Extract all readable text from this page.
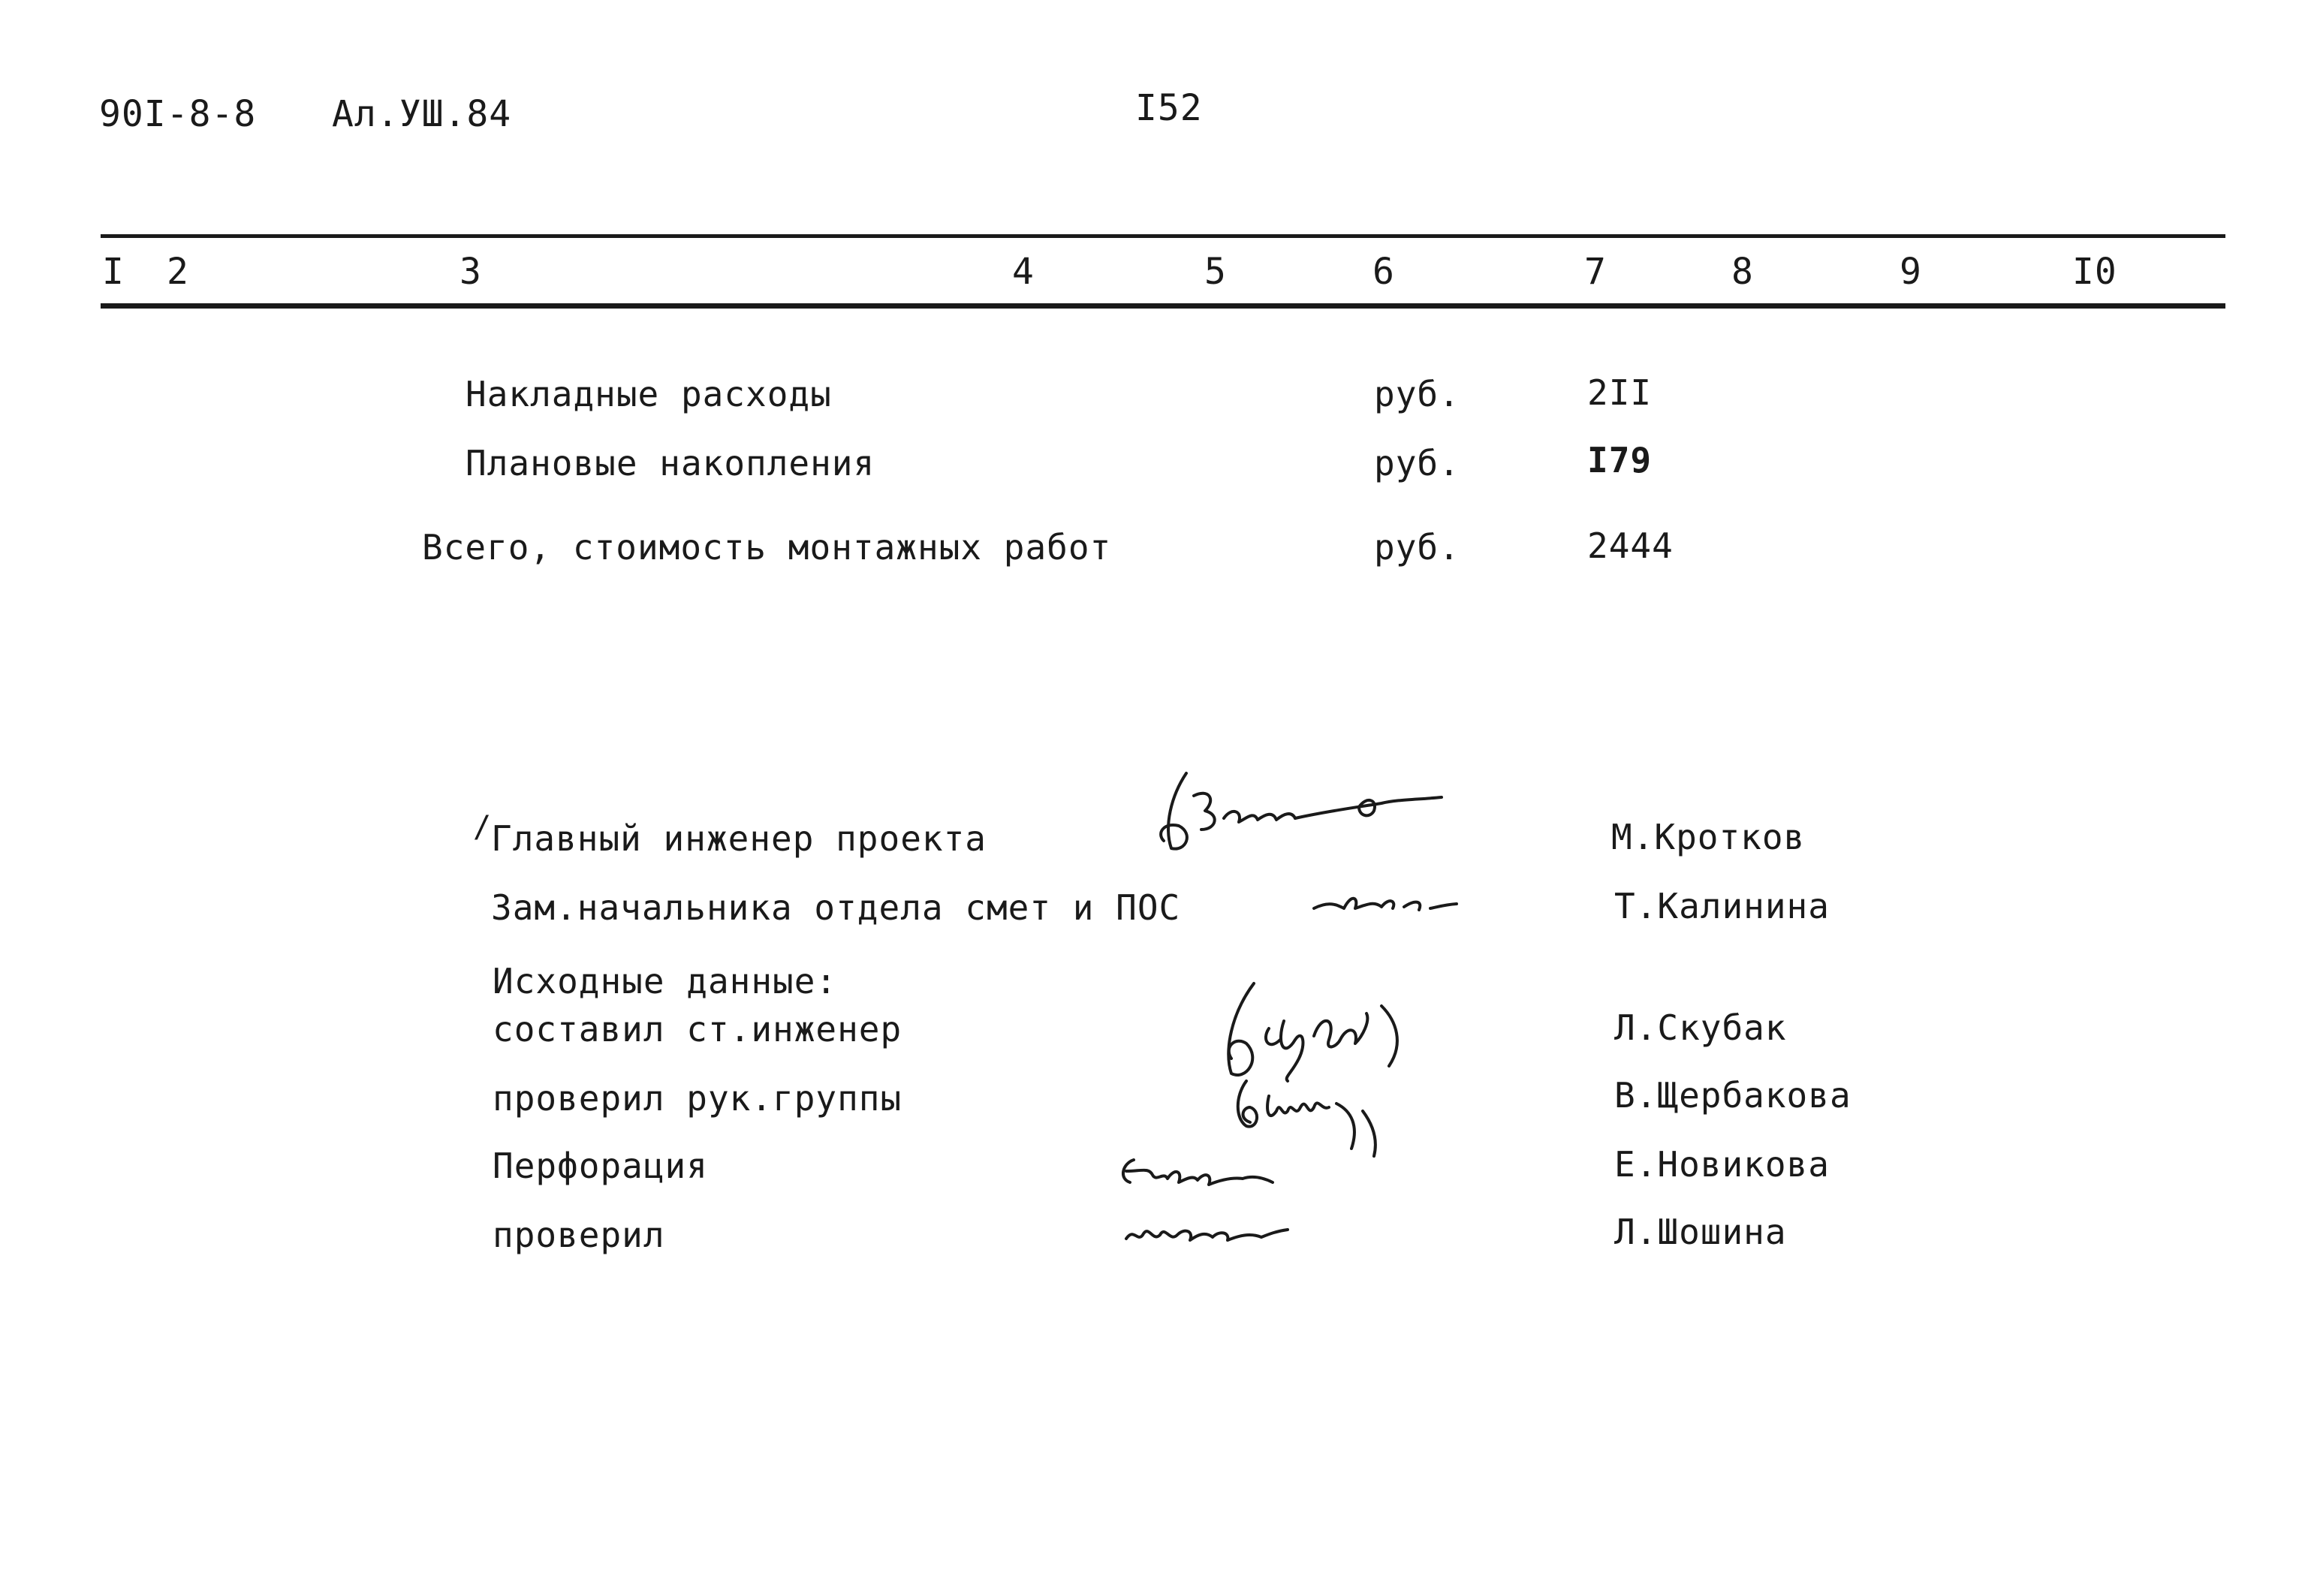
90I-8-8 Ал.УШ.84	I52
I 2	3	4	5	6	7	8	9	I0
Накладные расходы	руб.	2II
Плановые накопления	руб.	I79
Всего, стоимость монтажных работ	руб.	2444
/
Главный инженер проекта	М.Кротков
Зам.начальника отдела смет и ПОС	Т.Калинина
Исходные данные:
составил ст.инженер	Л.Скубак
проверил рук.группы	В.Щербакова
Перфорация	Е.Новикова
проверил	Л.Шошина
